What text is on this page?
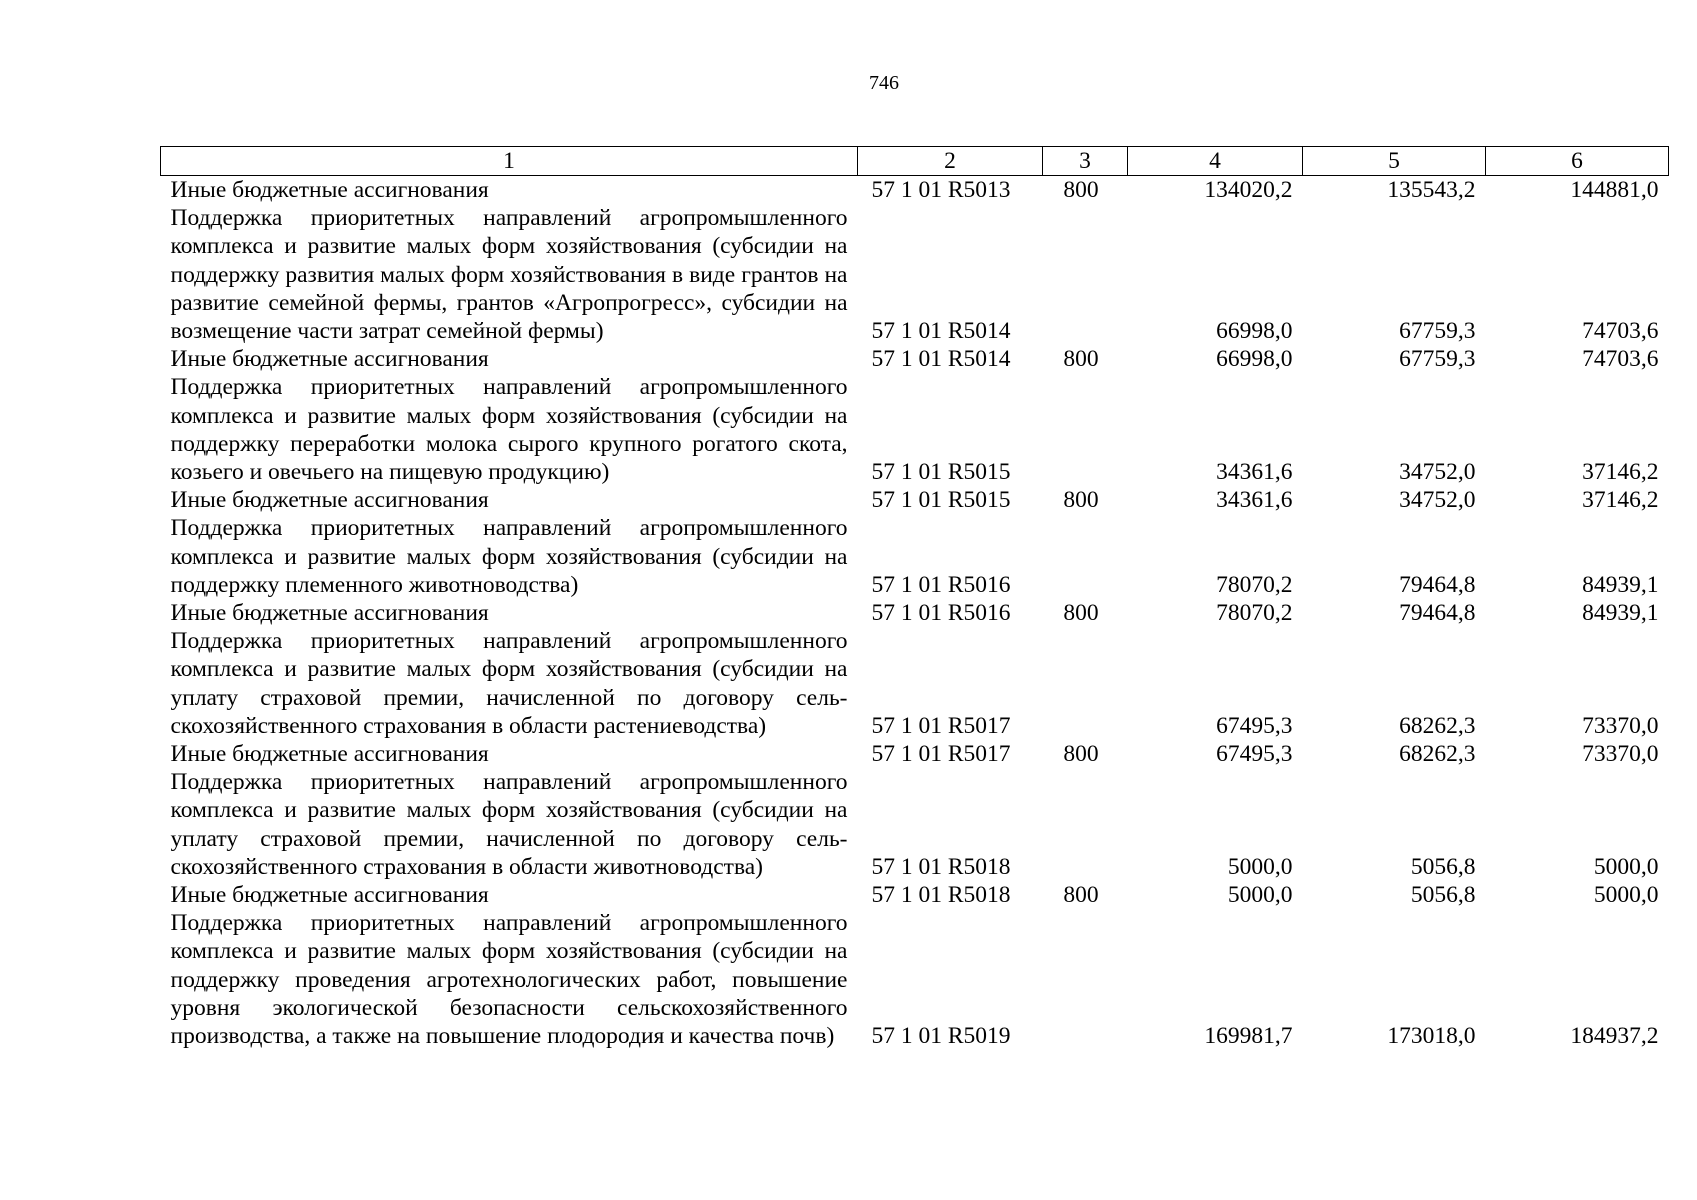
746
1	2	3	4	5	6
Иные бюджетные ассигнования	57 1 01 R5013	800	134020,2	135543,2	144881,0
Поддержка приоритетных направлений агропромышленного комплекса и развитие малых форм хозяйствования (субсидии на поддержку развития малых форм хозяйствования в виде грантов на развитие семейной фермы, грантов «Агропрогресс», субсидии на возмещение части затрат семейной фермы)	57 1 01 R5014		66998,0	67759,3	74703,6
Иные бюджетные ассигнования	57 1 01 R5014	800	66998,0	67759,3	74703,6
Поддержка приоритетных направлений агропромышленного комплекса и развитие малых форм хозяйствования (субсидии на поддержку переработки молока сырого крупного рогатого скота, козьего и овечьего на пищевую продукцию)	57 1 01 R5015		34361,6	34752,0	37146,2
Иные бюджетные ассигнования	57 1 01 R5015	800	34361,6	34752,0	37146,2
Поддержка приоритетных направлений агропромышленного комплекса и развитие малых форм хозяйствования (субсидии на поддержку племенного животноводства)	57 1 01 R5016		78070,2	79464,8	84939,1
Иные бюджетные ассигнования	57 1 01 R5016	800	78070,2	79464,8	84939,1
Поддержка приоритетных направлений агропромышленного комплекса и развитие малых форм хозяйствования (субсидии на уплату страховой премии, начисленной по договору сельскохозяйственного страхования в области растениеводства)	57 1 01 R5017		67495,3	68262,3	73370,0
Иные бюджетные ассигнования	57 1 01 R5017	800	67495,3	68262,3	73370,0
Поддержка приоритетных направлений агропромышленного комплекса и развитие малых форм хозяйствования (субсидии на уплату страховой премии, начисленной по договору сельскохозяйственного страхования в области животноводства)	57 1 01 R5018		5000,0	5056,8	5000,0
Иные бюджетные ассигнования	57 1 01 R5018	800	5000,0	5056,8	5000,0
Поддержка приоритетных направлений агропромышленного комплекса и развитие малых форм хозяйствования (субсидии на поддержку проведения агротехнологических работ, повышение уровня экологической безопасности сельскохозяйственного производства, а также на повышение плодородия и качества почв)	57 1 01 R5019		169981,7	173018,0	184937,2
